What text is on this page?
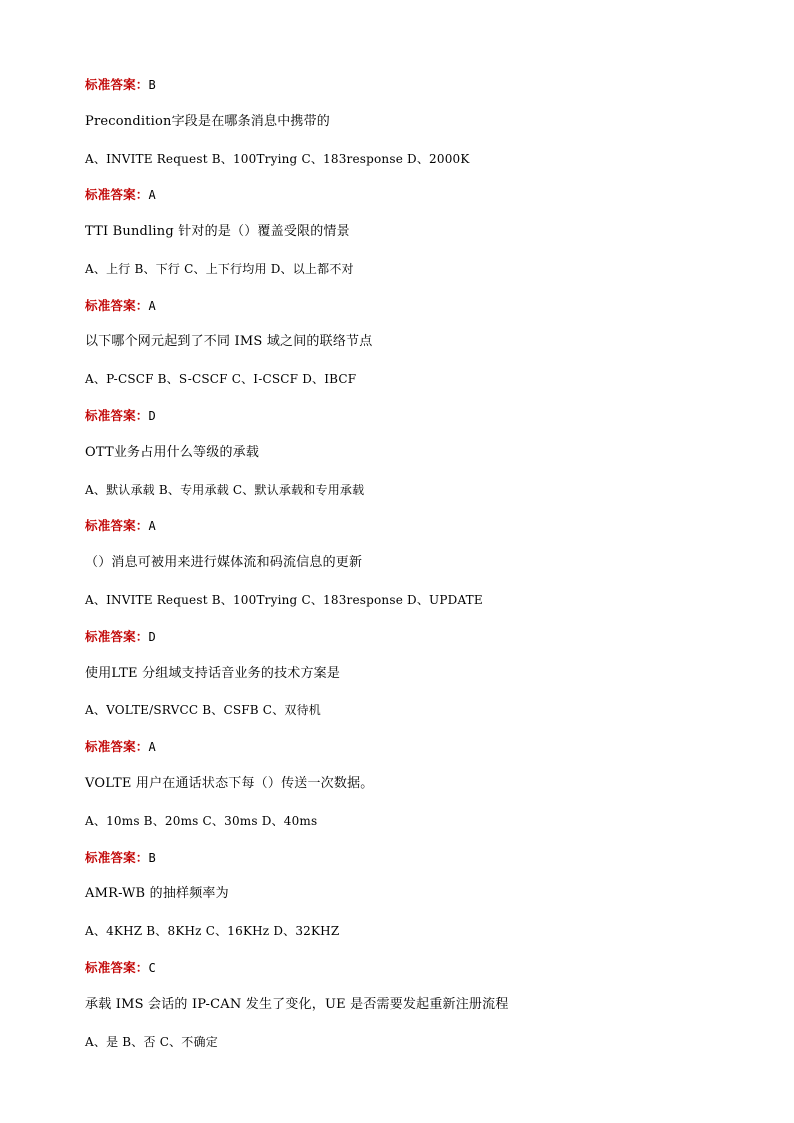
标准答案：B
Precondition字段是在哪条消息中携带的
A、INVITE Request B、100Trying C、183response D、2000K
标准答案：A
TTI Bundling 针对的是（）覆盖受限的情景
A、上行 B、下行 C、上下行均用 D、以上都不对
标准答案：A
以下哪个网元起到了不同 IMS 域之间的联络节点
A、P-CSCF B、S-CSCF C、I-CSCF D、IBCF
标准答案：D
OTT业务占用什么等级的承载
A、默认承载 B、专用承载 C、默认承载和专用承载
标准答案：A
（）消息可被用来进行媒体流和码流信息的更新
A、INVITE Request B、100Trying C、183response D、UPDATE
标准答案：D
使用LTE 分组域支持话音业务的技术方案是
A、VOLTE/SRVCC B、CSFB C、双待机
标准答案：A
VOLTE 用户在通话状态下每（）传送一次数据。
A、10ms B、20ms C、30ms D、40ms
标准答案：B
AMR-WB 的抽样频率为
A、4KHZ B、8KHz C、16KHz D、32KHZ
标准答案：C
承载 IMS 会话的 IP-CAN 发生了变化，UE 是否需要发起重新注册流程
A、是 B、否 C、不确定
